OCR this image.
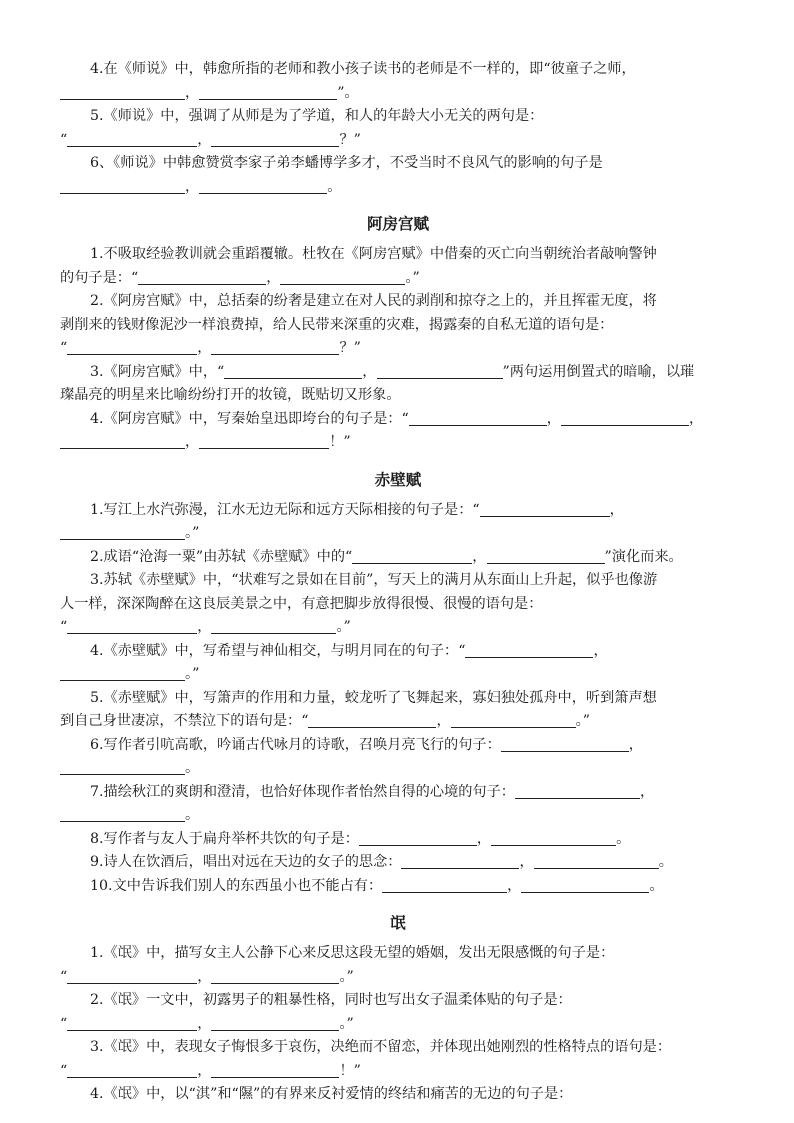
4.在《师说》中，韩愈所指的老师和教小孩子读书的老师是不一样的，即“彼童子之师，
，	”。
5.《师说》中，强调了从师是为了学道，和人的年龄大小无关的两句是：
“	，	？”
6、《师说》中韩愈赞赏李家子弟李蟠博学多才，不受当时不良风气的影响的句子是
，	。
阿房宫赋
1.不吸取经验教训就会重蹈覆辙。杜牧在《阿房宫赋》中借秦的灭亡向当朝统治者敲响警钟
的句子是：“	，	。”
2.《阿房宫赋》中，总括秦的纷奢是建立在对人民的剥削和掠夺之上的，并且挥霍无度，将
剥削来的钱财像泥沙一样浪费掉，给人民带来深重的灾难，揭露秦的自私无道的语句是：
“	，	？”
3.《阿房宫赋》中，“	，	”两句运用倒置式的暗喻，以璀
璨晶亮的明星来比喻纷纷打开的妆镜，既贴切又形象。
4.《阿房宫赋》中，写秦始皇迅即垮台的句子是：“	，	，
，	！”
赤壁赋
1.写江上水汽弥漫，江水无边无际和远方天际相接的句子是：“	，
。”
2.成语“沧海一粟”由苏轼《赤壁赋》中的“	，	”演化而来。
3.苏轼《赤壁赋》中，“状难写之景如在目前”，写天上的满月从东面山上升起，似乎也像游
人一样，深深陶醉在这良辰美景之中，有意把脚步放得很慢、很慢的语句是：
“	，	。”
4.《赤壁赋》中，写希望与神仙相交，与明月同在的句子：“	，
。”
5.《赤壁赋》中，写箫声的作用和力量，蛟龙听了飞舞起来，寡妇独处孤舟中，听到箫声想
到自己身世凄凉，不禁泣下的语句是：“	，	。”
6.写作者引吭高歌，吟诵古代咏月的诗歌，召唤月亮飞行的句子：	，
。
7.描绘秋江的爽朗和澄清，也恰好体现作者怡然自得的心境的句子：	，
。
8.写作者与友人于扁舟举杯共饮的句子是：	，	。
9.诗人在饮酒后，唱出对远在天边的女子的思念：	，	。
10.文中告诉我们别人的东西虽小也不能占有：	，	。
氓
1.《氓》中，描写女主人公静下心来反思这段无望的婚姻，发出无限感慨的句子是：
“	，	。”
2.《氓》一文中，初露男子的粗暴性格，同时也写出女子温柔体贴的句子是：
“	，	。”
3.《氓》中，表现女子悔恨多于哀伤，决绝而不留恋，并体现出她刚烈的性格特点的语句是：
“	，	！”
4.《氓》中，以“淇”和“隰”的有界来反衬爱情的终结和痛苦的无边的句子是：
